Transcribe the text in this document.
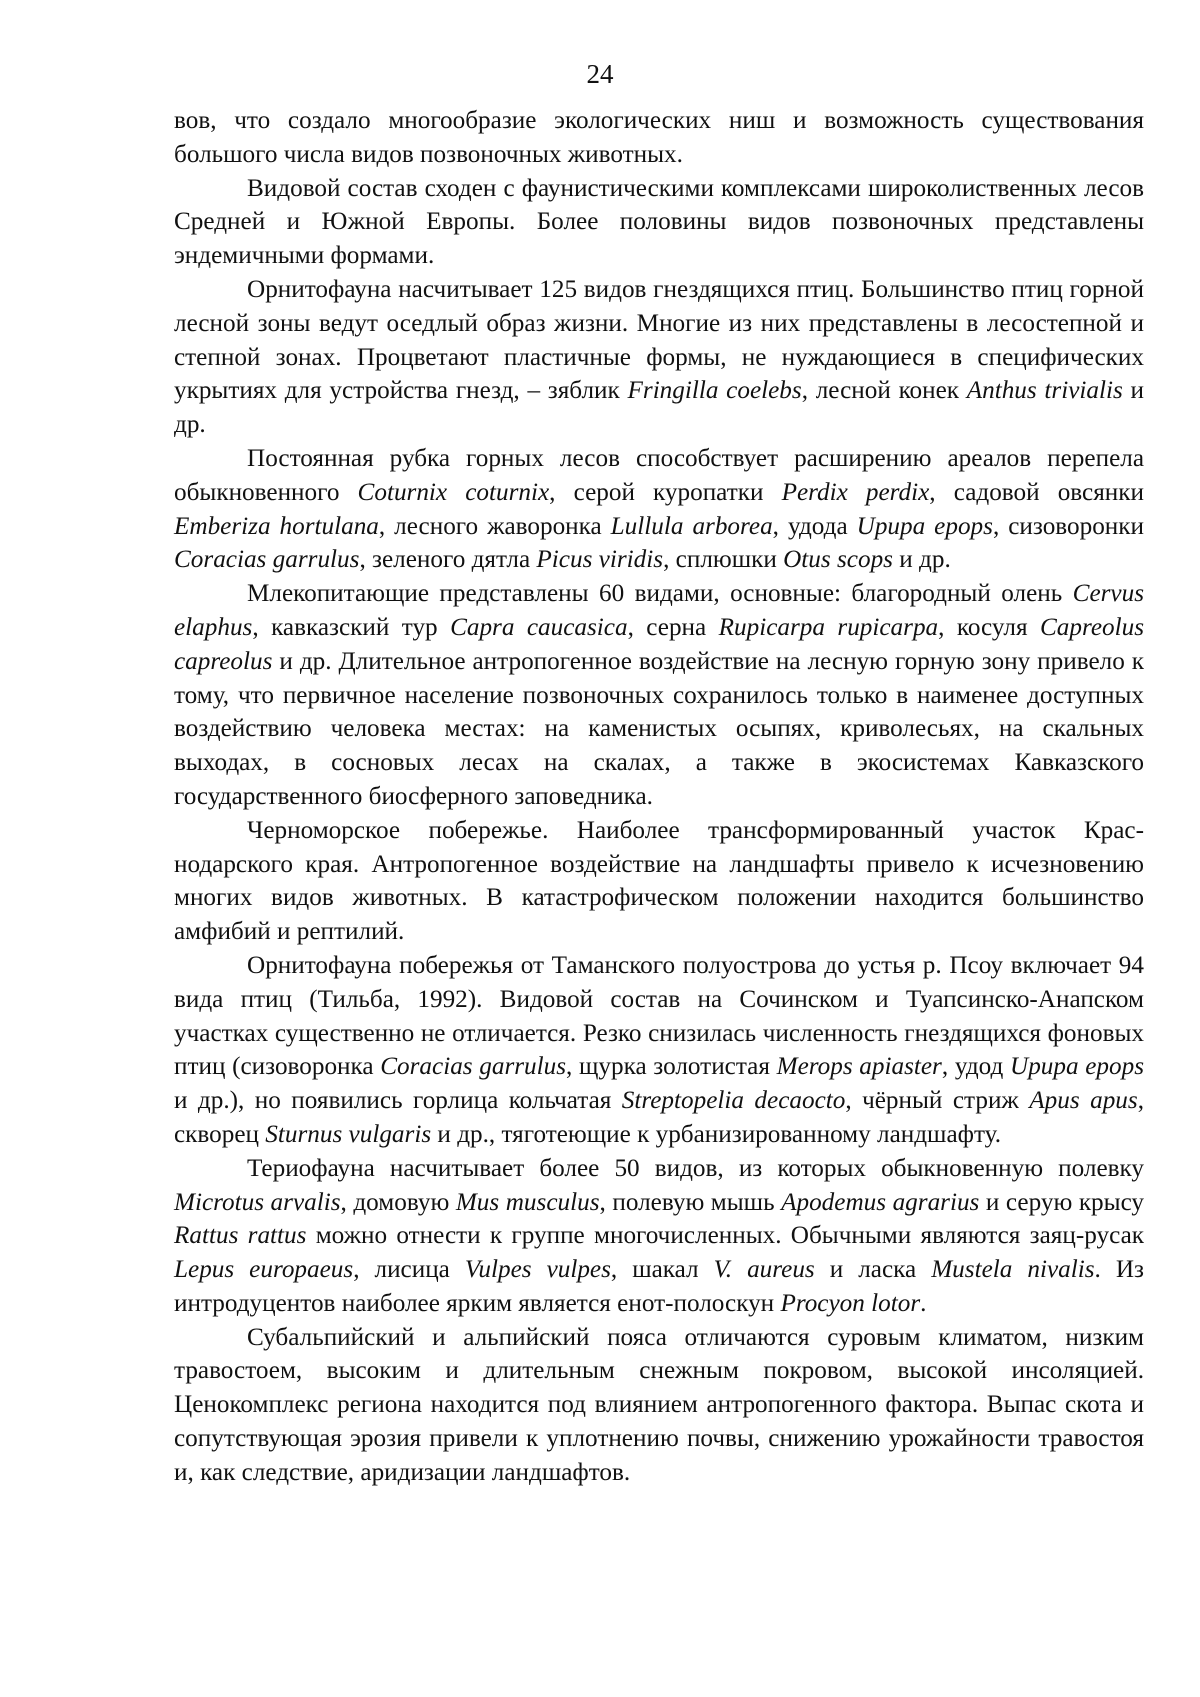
24

вов, что создало многообразие экологических ниш и возможность существования большого числа видов позвоночных животных.

Видовой состав сходен с фаунистическими комплексами широколиственных лесов Средней и Южной Европы. Более половины видов позвоночных представлены эндемичными формами.

Орнитофауна насчитывает 125 видов гнездящихся птиц. Большинство птиц горной лесной зоны ведут оседлый образ жизни. Многие из них представлены в лесостепной и степной зонах. Процветают пластичные формы, не нуждающиеся в специфических укрытиях для устройства гнезд, – зяблик Fringilla coelebs, лесной конек Anthus trivialis и др.

Постоянная рубка горных лесов способствует расширению ареалов перепела обыкновенного Coturnix coturnix, серой куропатки Perdix perdix, садовой овсянки Emberiza hortulana, лесного жаворонка Lullula arborea, удода Upupa epops, сизоворонки Coracias garrulus, зеленого дятла Picus viridis, сплюшки Otus scops и др.

Млекопитающие представлены 60 видами, основные: благородный олень Cervus elaphus, кавказский тур Capra caucasica, серна Rupicarpa rupicarpa, косуля Capreolus capreolus и др. Длительное антропогенное воздействие на лесную горную зону привело к тому, что первичное население позвоночных сохранилось только в наименее доступных воздействию человека местах: на каменистых осыпях, криволесьях, на скальных выходах, в сосновых лесах на скалах, а также в экосистемах Кавказского государственного биосферного заповедника.

Черноморское побережье. Наиболее трансформированный участок Краснодарского края. Антропогенное воздействие на ландшафты привело к исчезновению многих видов животных. В катастрофическом положении находится большинство амфибий и рептилий.

Орнитофауна побережья от Таманского полуострова до устья р. Псоу включает 94 вида птиц (Тильба, 1992). Видовой состав на Сочинском и Туапсинско-Анапском участках существенно не отличается. Резко снизилась численность гнездящихся фоновых птиц (сизоворонка Coracias garrulus, щурка золотистая Merops apiaster, удод Upupa epops и др.), но появились горлица кольчатая Streptopelia decaocto, чёрный стриж Apus apus, скворец Sturnus vulgaris и др., тяготеющие к урбанизированному ландшафту.

Териофауна насчитывает более 50 видов, из которых обыкновенную полевку Microtus arvalis, домовую Mus musculus, полевую мышь Apodemus agrarius и серую крысу Rattus rattus можно отнести к группе многочисленных. Обычными являются заяц-русак Lepus europaeus, лисица Vulpes vulpes, шакал V. aureus и ласка Mustela nivalis. Из интродуцентов наиболее ярким является енот-полоскун Procyon lotor.

Субальпийский и альпийский пояса отличаются суровым климатом, низким травостоем, высоким и длительным снежным покровом, высокой инсоляцией. Ценокомплекс региона находится под влиянием антропогенного фактора. Выпас скота и сопутствующая эрозия привели к уплотнению почвы, снижению урожайности травостоя и, как следствие, аридизации ландшафтов.
